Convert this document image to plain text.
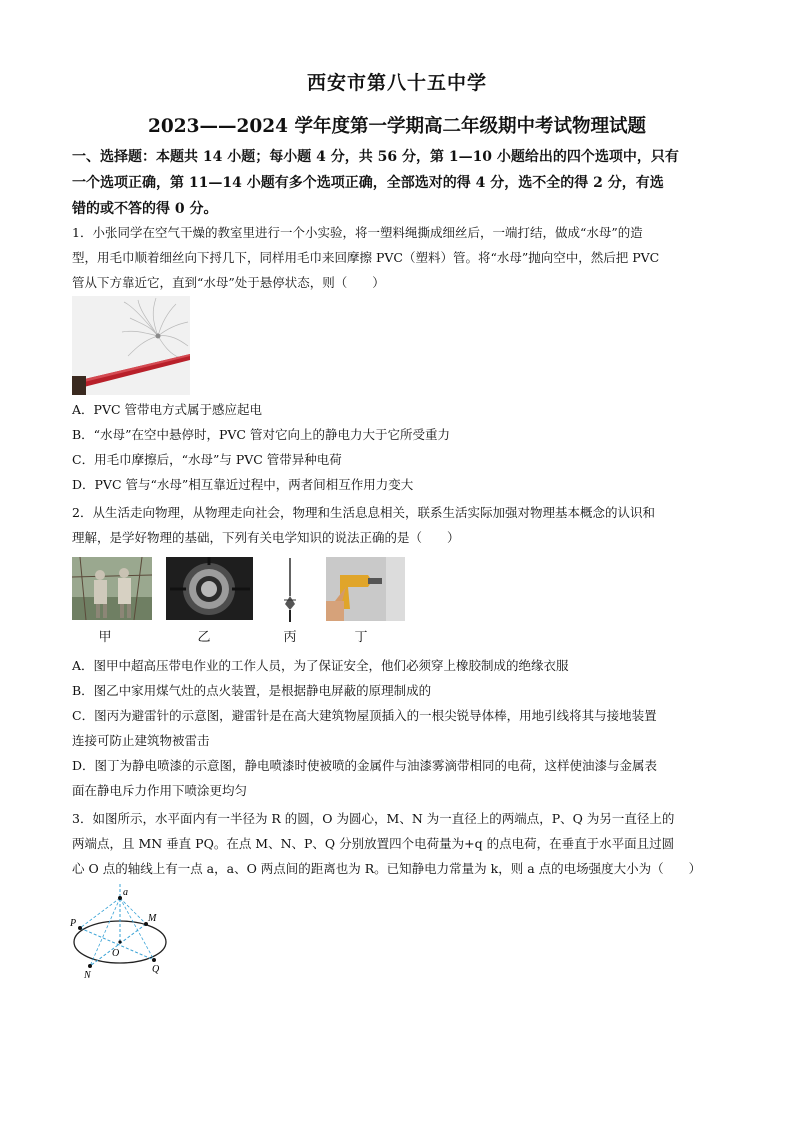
西安市第八十五中学
2023——2024 学年度第一学期高二年级期中考试物理试题
一、选择题：本题共 14 小题；每小题 4 分，共 56 分，第 1—10 小题给出的四个选项中，只有
一个选项正确，第 11—14 小题有多个选项正确，全部选对的得 4 分，选不全的得 2 分，有选
错的或不答的得 0 分。
1．小张同学在空气干燥的教室里进行一个小实验，将一塑料绳撕成细丝后，一端打结，做成“水母”的造
型，用毛巾顺着细丝向下捋几下，同样用毛巾来回摩擦 PVC（塑料）管。将“水母”抛向空中，然后把 PVC
管从下方靠近它，直到“水母”处于悬停状态，则（　　）
A．PVC 管带电方式属于感应起电
B．“水母”在空中悬停时，PVC 管对它向上的静电力大于它所受重力
C．用毛巾摩擦后，“水母”与 PVC 管带异种电荷
D．PVC 管与“水母”相互靠近过程中，两者间相互作用力变大
2．从生活走向物理，从物理走向社会，物理和生活息息相关，联系生活实际加强对物理基本概念的认识和
理解，是学好物理的基础，下列有关电学知识的说法正确的是（　　）
甲	乙	丙	丁
A．图甲中超高压带电作业的工作人员，为了保证安全，他们必须穿上橡胶制成的绝缘衣服
B．图乙中家用煤气灶的点火装置，是根据静电屏蔽的原理制成的
C．图丙为避雷针的示意图，避雷针是在高大建筑物屋顶插入的一根尖锐导体棒，用地引线将其与接地装置
连接可防止建筑物被雷击
D．图丁为静电喷漆的示意图，静电喷漆时使被喷的金属件与油漆雾滴带相同的电荷，这样使油漆与金属表
面在静电斥力作用下喷涂更均匀
3．如图所示，水平面内有一半径为 R 的圆，O 为圆心，M、N 为一直径上的两端点，P、Q 为另一直径上的
两端点，且 MN 垂直 PQ。在点 M、N、P、Q 分别放置四个电荷量为+q 的点电荷，在垂直于水平面且过圆
心 O 点的轴线上有一点 a，a、O 两点间的距离也为 R。已知静电力常量为 k，则 a 点的电场强度大小为（　　）
a
P	M
O
N
Q
